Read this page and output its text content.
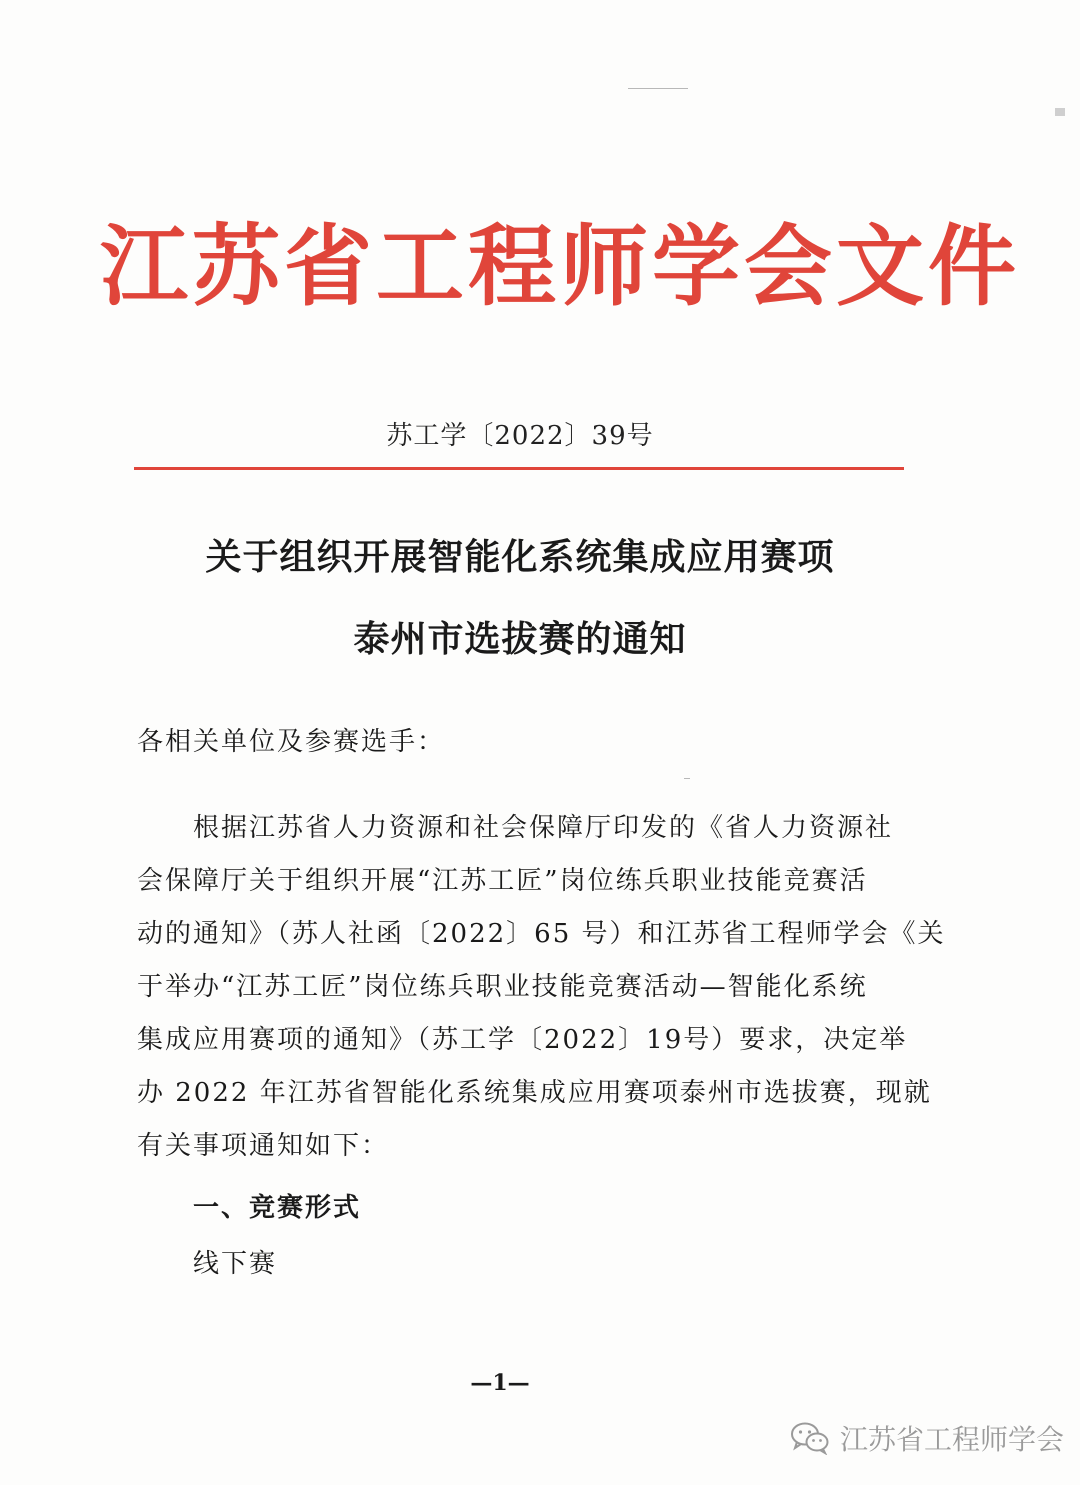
江苏省工程师学会文件
苏工学〔2022〕39号
关于组织开展智能化系统集成应用赛项
泰州市选拔赛的通知
各相关单位及参赛选手：
　　根据江苏省人力资源和社会保障厅印发的《省人力资源社
会保障厅关于组织开展“江苏工匠”岗位练兵职业技能竞赛活
动的通知》（苏人社函〔2022〕65 号）和江苏省工程师学会《关
于举办“江苏工匠”岗位练兵职业技能竞赛活动—智能化系统
集成应用赛项的通知》（苏工学〔2022〕19号）要求，决定举
办 2022 年江苏省智能化系统集成应用赛项泰州市选拔赛，现就
有关事项通知如下：
一、竞赛形式
线下赛
—1—
江苏省工程师学会
